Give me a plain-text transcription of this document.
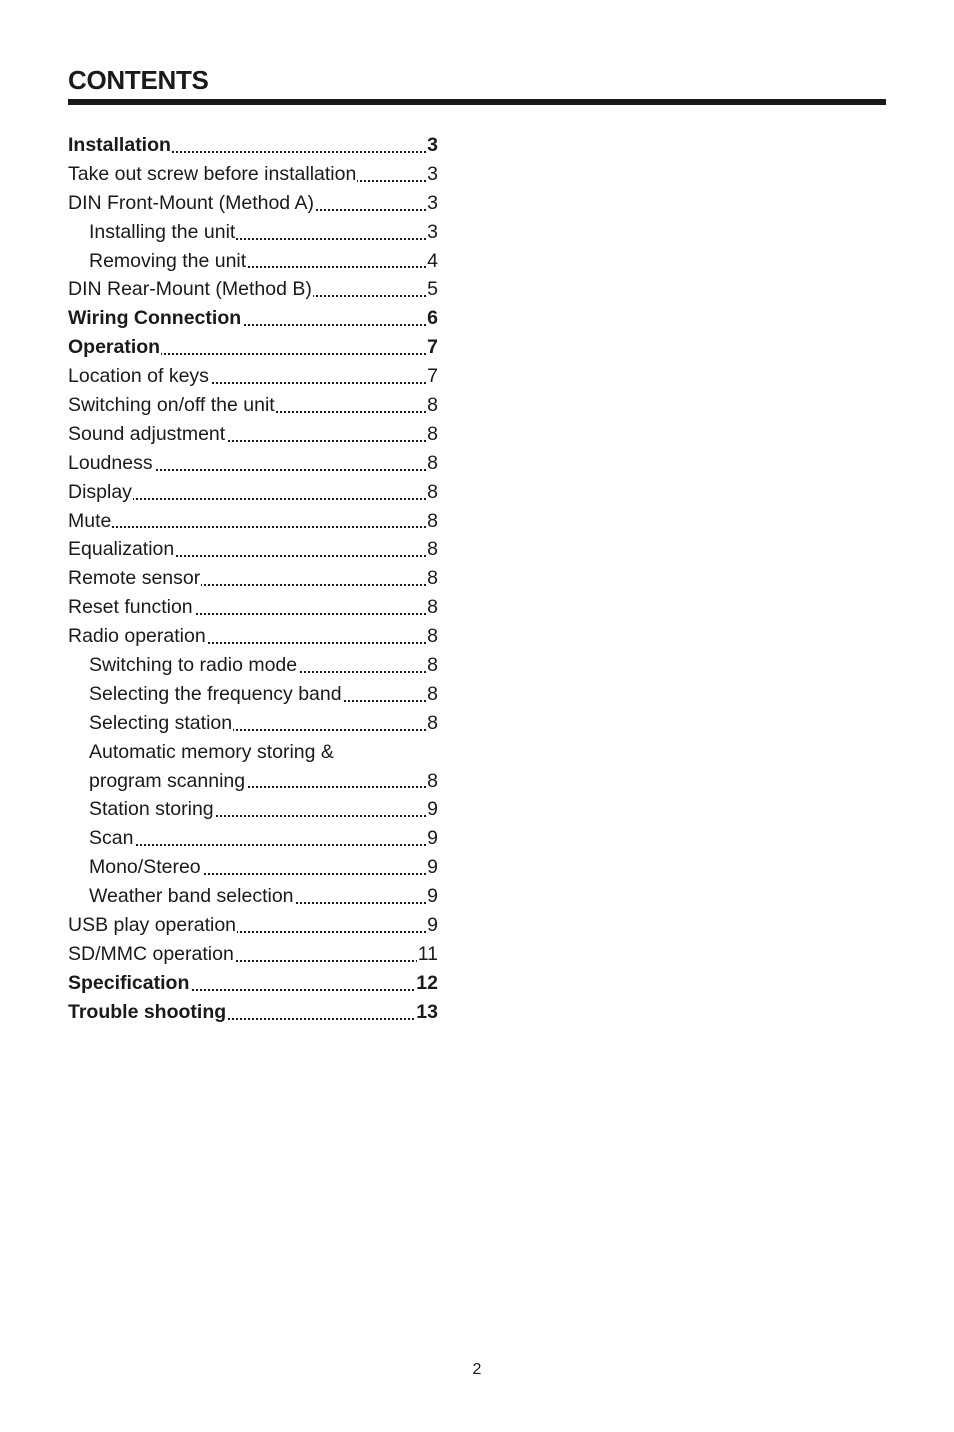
CONTENTS
Installation	3
Take out screw before installation	3
DIN Front-Mount (Method A)	3
Installing the unit	3
Removing the unit	4
DIN Rear-Mount (Method B)	5
Wiring Connection	6
Operation	7
Location of keys	7
Switching on/off the unit	8
Sound adjustment	8
Loudness	8
Display	8
Mute	8
Equalization	8
Remote sensor	8
Reset function	8
Radio operation	8
Switching to radio mode	8
Selecting the frequency band	8
Selecting station	8
Automatic memory storing &
program scanning	8
Station storing	9
Scan	9
Mono/Stereo	9
Weather band selection	9
USB play operation	9
SD/MMC operation	11
Specification	12
Trouble shooting	13
2
